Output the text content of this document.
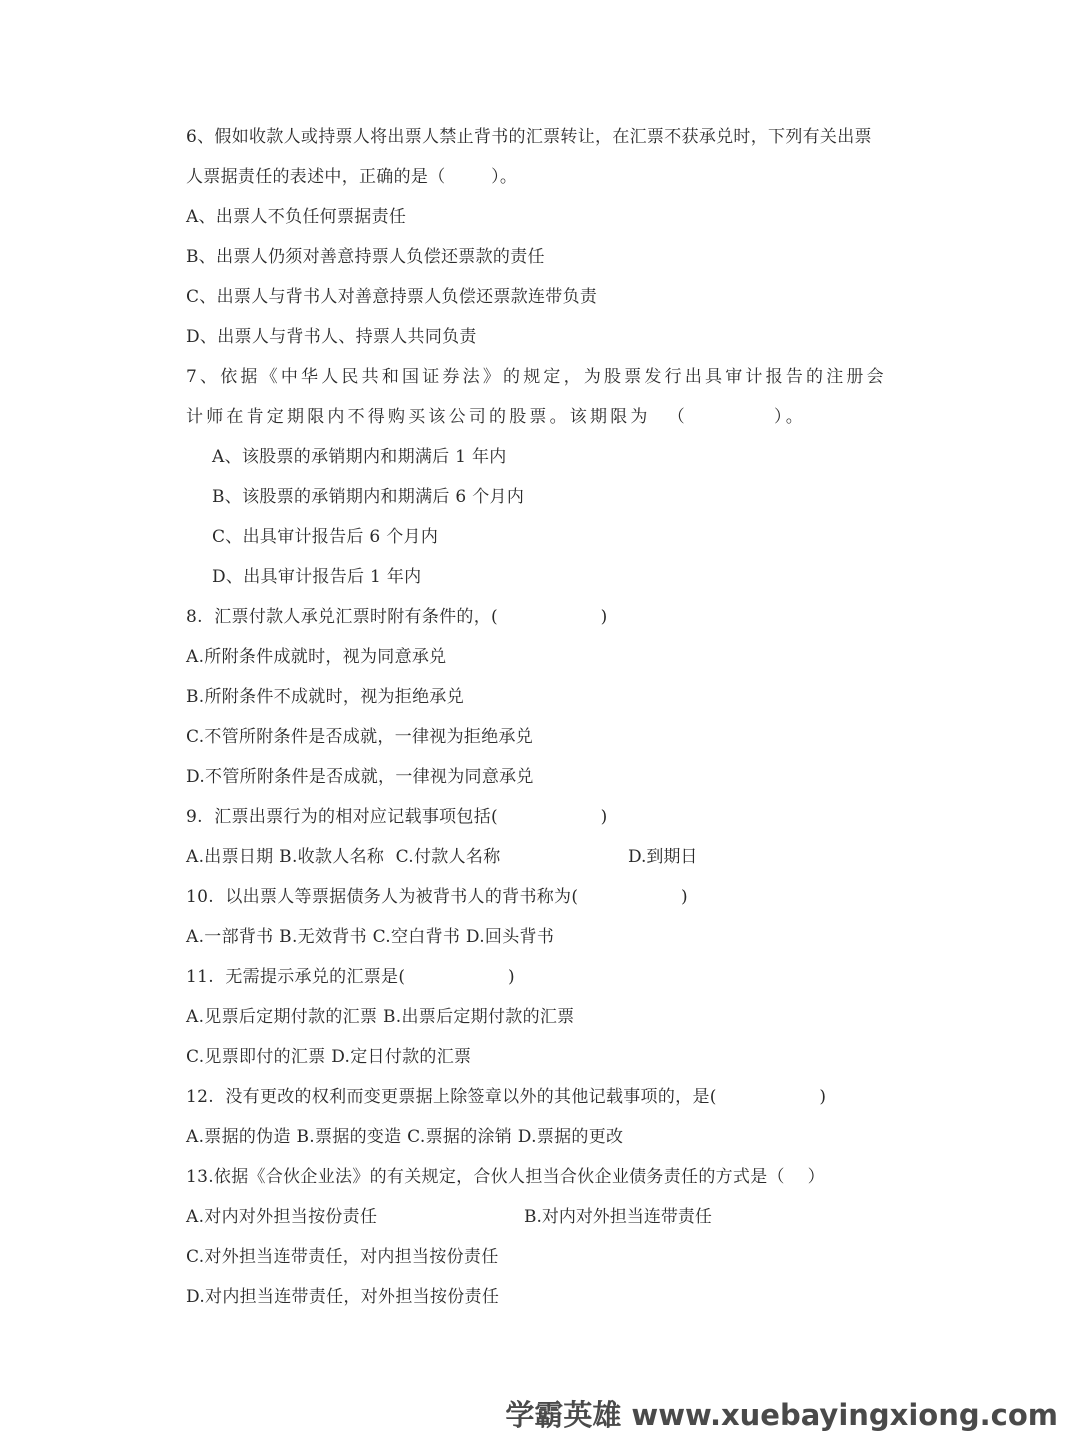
6、假如收款人或持票人将出票人禁止背书的汇票转让，在汇票不获承兑时，下列有关出票
人票据责任的表述中，正确的是（        ）。
A、出票人不负任何票据责任
B、出票人仍须对善意持票人负偿还票款的责任
C、出票人与背书人对善意持票人负偿还票款连带负责
D、出票人与背书人、持票人共同负责
7、依据《中华人民共和国证券法》的规定，为股票发行出具审计报告的注册会
计师在肯定期限内不得购买该公司的股票。该期限为  （          ）。
A、该股票的承销期内和期满后 1 年内
B、该股票的承销期内和期满后 6 个月内
C、出具审计报告后 6 个月内
D、出具审计报告后 1 年内
8.  汇票付款人承兑汇票时附有条件的，(                  )
A.所附条件成就时，视为同意承兑
B.所附条件不成就时，视为拒绝承兑
C.不管所附条件是否成就，一律视为拒绝承兑
D.不管所附条件是否成就，一律视为同意承兑
9.  汇票出票行为的相对应记载事项包括(                  )
A.出票日期 B.收款人名称  C.付款人名称	D.到期日
10.  以出票人等票据债务人为被背书人的背书称为(                  )
A.一部背书 B.无效背书 C.空白背书 D.回头背书
11.  无需提示承兑的汇票是(                  )
A.见票后定期付款的汇票 B.出票后定期付款的汇票
C.见票即付的汇票 D.定日付款的汇票
12.  没有更改的权利而变更票据上除签章以外的其他记载事项的，是(                  )
A.票据的伪造 B.票据的变造 C.票据的涂销 D.票据的更改
13.依据《合伙企业法》的有关规定，合伙人担当合伙企业债务责任的方式是（    ）
A.对内对外担当按份责任	B.对内对外担当连带责任
C.对外担当连带责任，对内担当按份责任
D.对内担当连带责任，对外担当按份责任
学霸英雄 www.xuebayingxiong.com
